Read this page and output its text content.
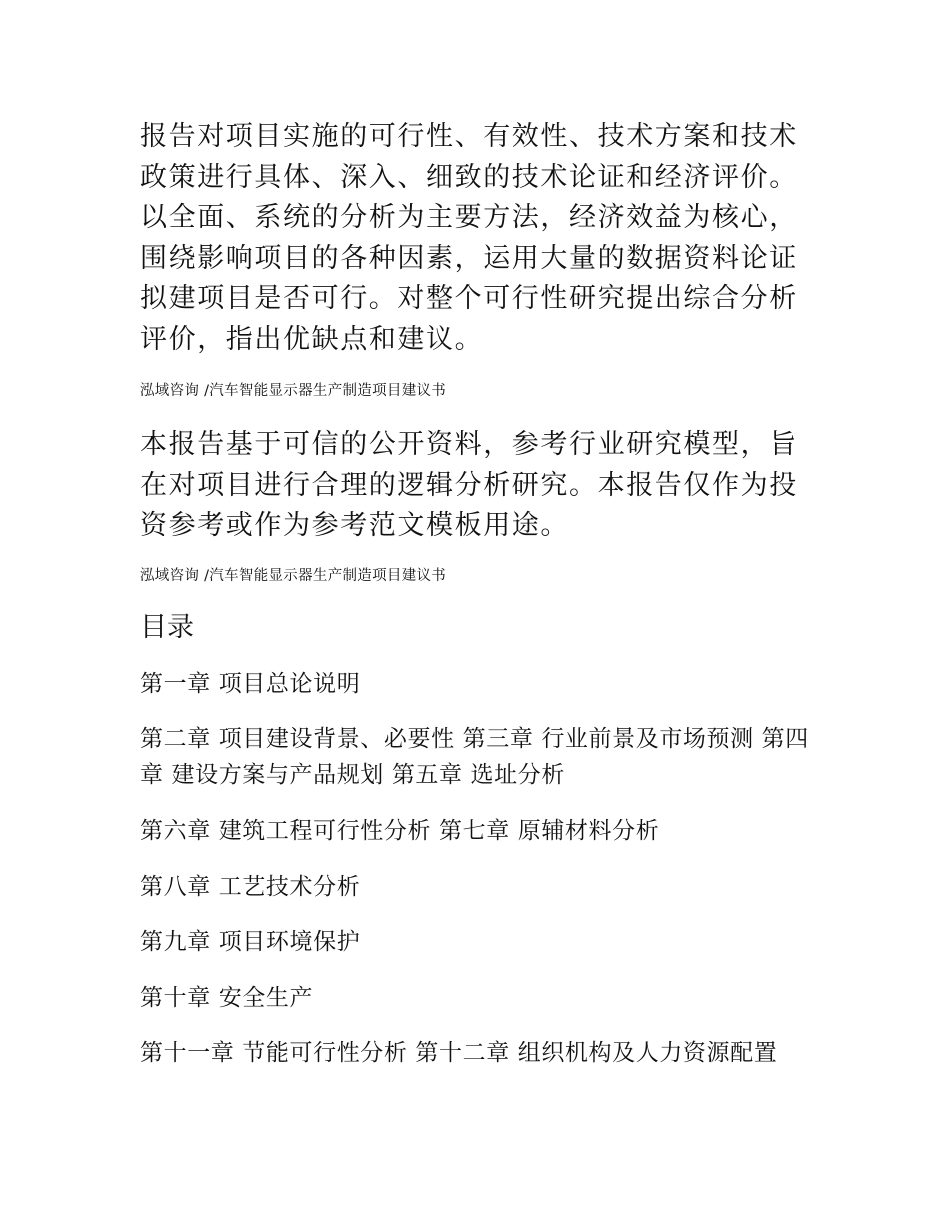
报告对项目实施的可行性、有效性、技术方案和技术政策进行具体、深入、细致的技术论证和经济评价。以全面、系统的分析为主要方法，经济效益为核心，围绕影响项目的各种因素，运用大量的数据资料论证拟建项目是否可行。对整个可行性研究提出综合分析评价，指出优缺点和建议。

泓域咨询 /汽车智能显示器生产制造项目建议书

本报告基于可信的公开资料，参考行业研究模型，旨在对项目进行合理的逻辑分析研究。本报告仅作为投资参考或作为参考范文模板用途。

泓域咨询 /汽车智能显示器生产制造项目建议书

目录

第一章 项目总论说明

第二章 项目建设背景、必要性 第三章 行业前景及市场预测 第四章 建设方案与产品规划 第五章 选址分析

第六章 建筑工程可行性分析 第七章 原辅材料分析

第八章 工艺技术分析

第九章 项目环境保护

第十章 安全生产

第十一章 节能可行性分析 第十二章 组织机构及人力资源配置
